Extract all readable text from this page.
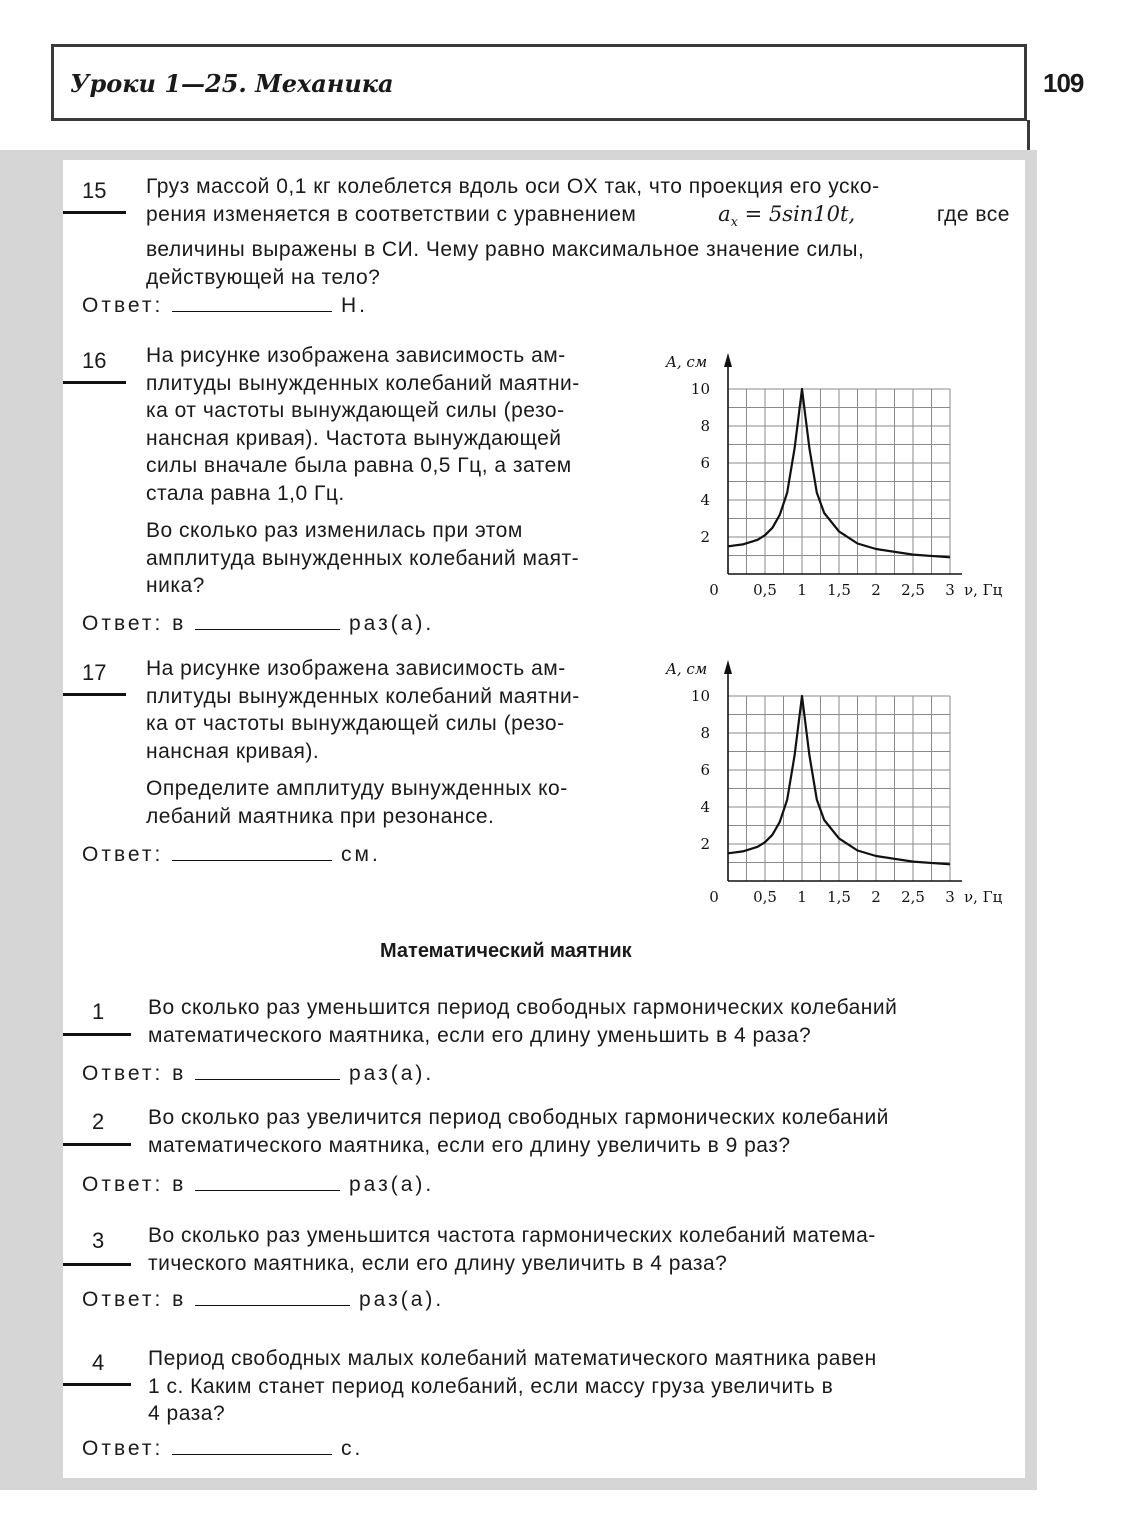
Уроки 1—25. Механика	109
15 Груз массой 0,1 кг колеблется вдоль оси OX так, что проекция его уско-
рения изменяется в соответствии с уравнением	$a_x = 5\sin 10t$,	где все
величины выражены в СИ. Чему равно максимальное значение силы,
действующей на тело?
Ответ:	Н.
16 На рисунке изображена зависимость ам-
плитуды вынужденных колебаний маятни-
ка от частоты вынуждающей силы (резо-
нансная кривая). Частота вынуждающей
силы вначале была равна 0,5 Гц, а затем
стала равна 1,0 Гц.
Во сколько раз изменилась при этом
амплитуда вынужденных колебаний маят-
ника?
Ответ: в	раз(а).
A, см
ν, Гц
2
4
6
8
10
0 0,5 1 1,5 2 2,5 3
17 На рисунке изображена зависимость ам-
плитуды вынужденных колебаний маятни-
ка от частоты вынуждающей силы (резо-
нансная кривая).
Определите амплитуду вынужденных ко-
лебаний маятника при резонансе.
Ответ:	см.
A, см
ν, Гц
2
4
6
8
10
0 0,5 1 1,5 2 2,5 3
Математический маятник
1 Во сколько раз уменьшится период свободных гармонических колебаний
математического маятника, если его длину уменьшить в 4 раза?
Ответ: в	раз(а).
2 Во сколько раз увеличится период свободных гармонических колебаний
математического маятника, если его длину увеличить в 9 раз?
Ответ: в	раз(а).
3 Во сколько раз уменьшится частота гармонических колебаний матема-
тического маятника, если его длину увеличить в 4 раза?
Ответ: в	раз(а).
4 Период свободных малых колебаний математического маятника равен
1 с. Каким станет период колебаний, если массу груза увеличить в
4 раза?
Ответ:	с.
